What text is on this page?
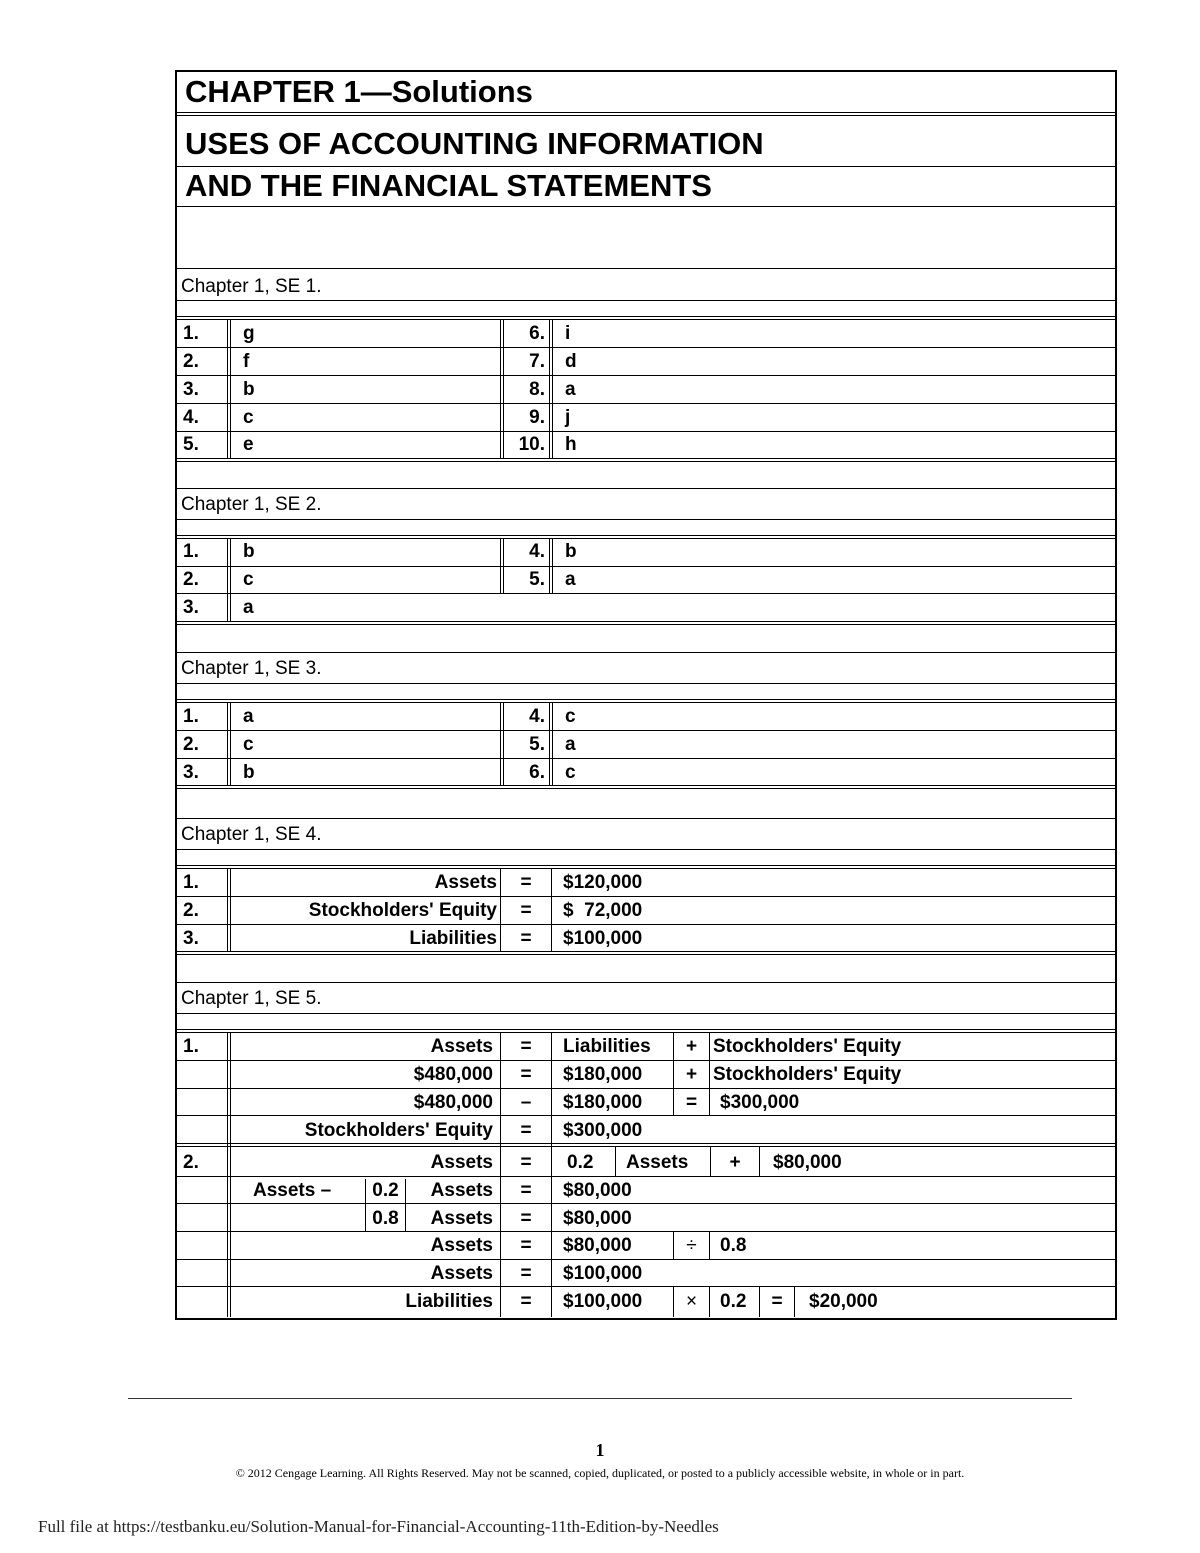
CHAPTER 1—Solutions
USES OF ACCOUNTING INFORMATION
AND THE FINANCIAL STATEMENTS
Chapter 1, SE 1.
1. g	6. i
2. f	7. d
3. b	8. a
4. c	9. j
5. e	10. h
Chapter 1, SE 2.
1. b	4. b
2. c	5. a
3. a
Chapter 1, SE 3.
1. a	4. c
2. c	5. a
3. b	6. c
Chapter 1, SE 4.
1.	Assets	=	$120,000
2.	Stockholders' Equity	=	$  72,000
3.	Liabilities	=	$100,000
Chapter 1, SE 5.
1.	Assets	=	Liabilities	+ Stockholders' Equity
$480,000	=	$180,000	+ Stockholders' Equity
$480,000	–	$180,000	=	$300,000
Stockholders' Equity	=	$300,000
2.	Assets	=	0.2 Assets	+	$80,000
Assets –	0.2	Assets	=	$80,000
0.8	Assets	=	$80,000
Assets	=	$80,000	÷	0.8
Assets	=	$100,000
Liabilities	=	$100,000	×	0.2	=	$20,000
1
© 2012 Cengage Learning. All Rights Reserved. May not be scanned, copied, duplicated, or posted to a publicly accessible website, in whole or in part.
Full file at https://testbanku.eu/Solution-Manual-for-Financial-Accounting-11th-Edition-by-Needles
